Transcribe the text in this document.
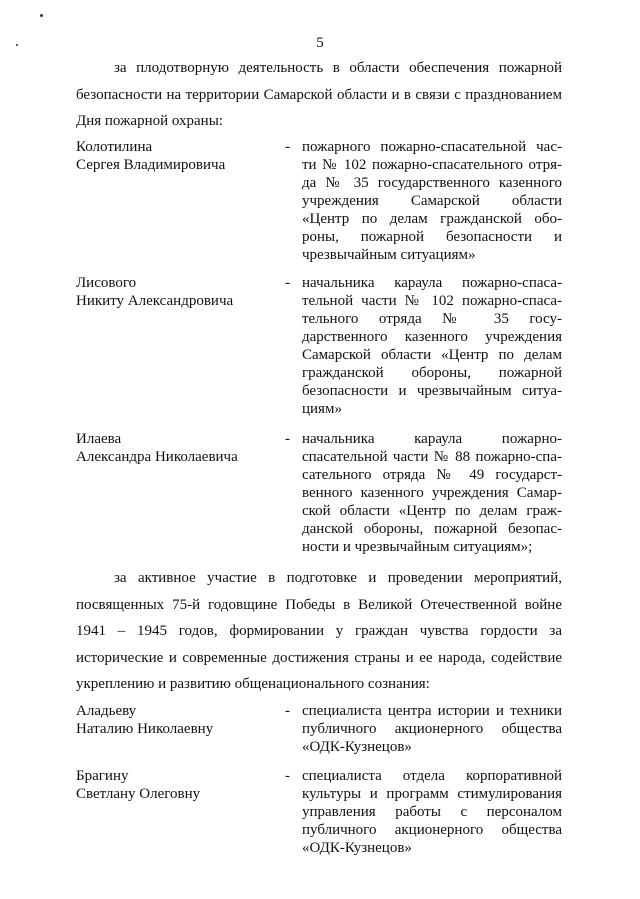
5
за плодотворную деятельность в области обеспечения пожарной
безопасности на территории Самарской области и в связи с празднованием

Дня пожарной охраны:
Колотилина
Сергея Владимировича
- пожарного пожарно-спасательной час-
ти № 102 пожарно-спасательного отря-
да № 35 государственного казенного
учреждения Самарской области
«Центр по делам гражданской обо-
роны, пожарной безопасности и
чрезвычайным ситуациям»
Лисового
Никиту Александровича
- начальника караула пожарно-спаса-
тельной части № 102 пожарно-спаса-
тельного отряда № 35 госу-
дарственного казенного учреждения
Самарской области «Центр по делам
гражданской обороны, пожарной
безопасности и чрезвычайным ситуа-
циям»
Илаева
Александра Николаевича
- начальника караула пожарно-
спасательной части № 88 пожарно-спа-
сательного отряда № 49 государст-
венного казенного учреждения Самар-
ской области «Центр по делам граж-
данской обороны, пожарной безопас-
ности и чрезвычайным ситуациям»;
за активное участие в подготовке и проведении мероприятий,
посвященных 75-й годовщине Победы в Великой Отечественной войне
1941 – 1945 годов, формировании у граждан чувства гордости за
исторические и современные достижения страны и ее народа, содействие

укреплению и развитию общенационального сознания:
Аладьеву
Наталию Николаевну
- специалиста центра истории и техники
публичного акционерного общества
«ОДК-Кузнецов»
Брагину
Светлану Олеговну
- специалиста отдела корпоративной
культуры и программ стимулирования
управления работы с персоналом
публичного акционерного общества
«ОДК-Кузнецов»
